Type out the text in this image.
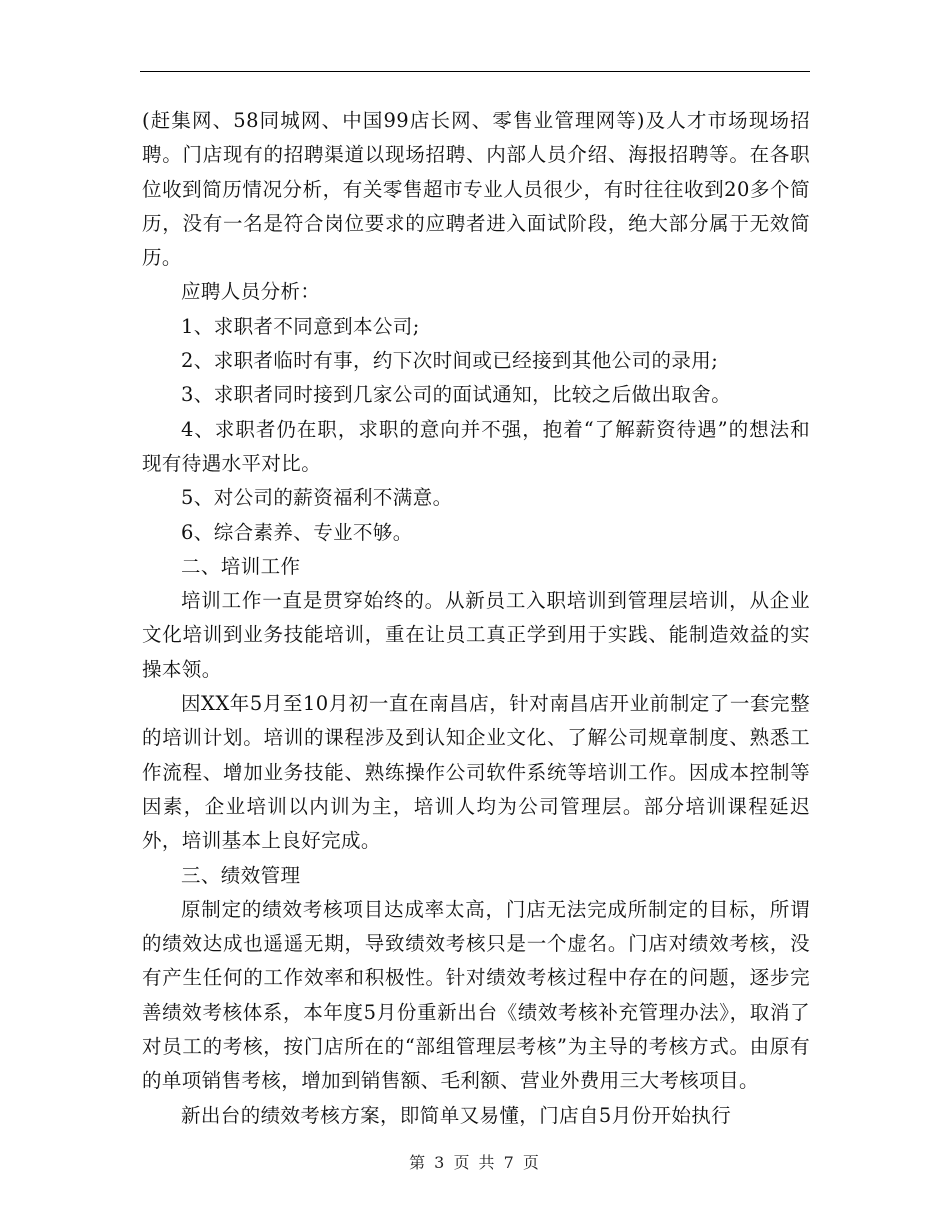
(赶集网、58同城网、中国99店长网、零售业管理网等)及人才市场现场招聘。门店现有的招聘渠道以现场招聘、内部人员介绍、海报招聘等。在各职位收到简历情况分析，有关零售超市专业人员很少，有时往往收到20多个简历，没有一名是符合岗位要求的应聘者进入面试阶段，绝大部分属于无效简历。

应聘人员分析：

1、求职者不同意到本公司;

2、求职者临时有事，约下次时间或已经接到其他公司的录用;

3、求职者同时接到几家公司的面试通知，比较之后做出取舍。

4、求职者仍在职，求职的意向并不强，抱着“了解薪资待遇”的想法和现有待遇水平对比。

5、对公司的薪资福利不满意。

6、综合素养、专业不够。

二、培训工作

培训工作一直是贯穿始终的。从新员工入职培训到管理层培训，从企业文化培训到业务技能培训，重在让员工真正学到用于实践、能制造效益的实操本领。

因XX年5月至10月初一直在南昌店，针对南昌店开业前制定了一套完整的培训计划。培训的课程涉及到认知企业文化、了解公司规章制度、熟悉工作流程、增加业务技能、熟练操作公司软件系统等培训工作。因成本控制等因素，企业培训以内训为主，培训人均为公司管理层。部分培训课程延迟外，培训基本上良好完成。

三、绩效管理

原制定的绩效考核项目达成率太高，门店无法完成所制定的目标，所谓的绩效达成也遥遥无期，导致绩效考核只是一个虚名。门店对绩效考核，没有产生任何的工作效率和积极性。针对绩效考核过程中存在的问题，逐步完善绩效考核体系，本年度5月份重新出台《绩效考核补充管理办法》，取消了对员工的考核，按门店所在的“部组管理层考核”为主导的考核方式。由原有的单项销售考核，增加到销售额、毛利额、营业外费用三大考核项目。

新出台的绩效考核方案，即简单又易懂，门店自5月份开始执行

第 3 页 共 7 页
